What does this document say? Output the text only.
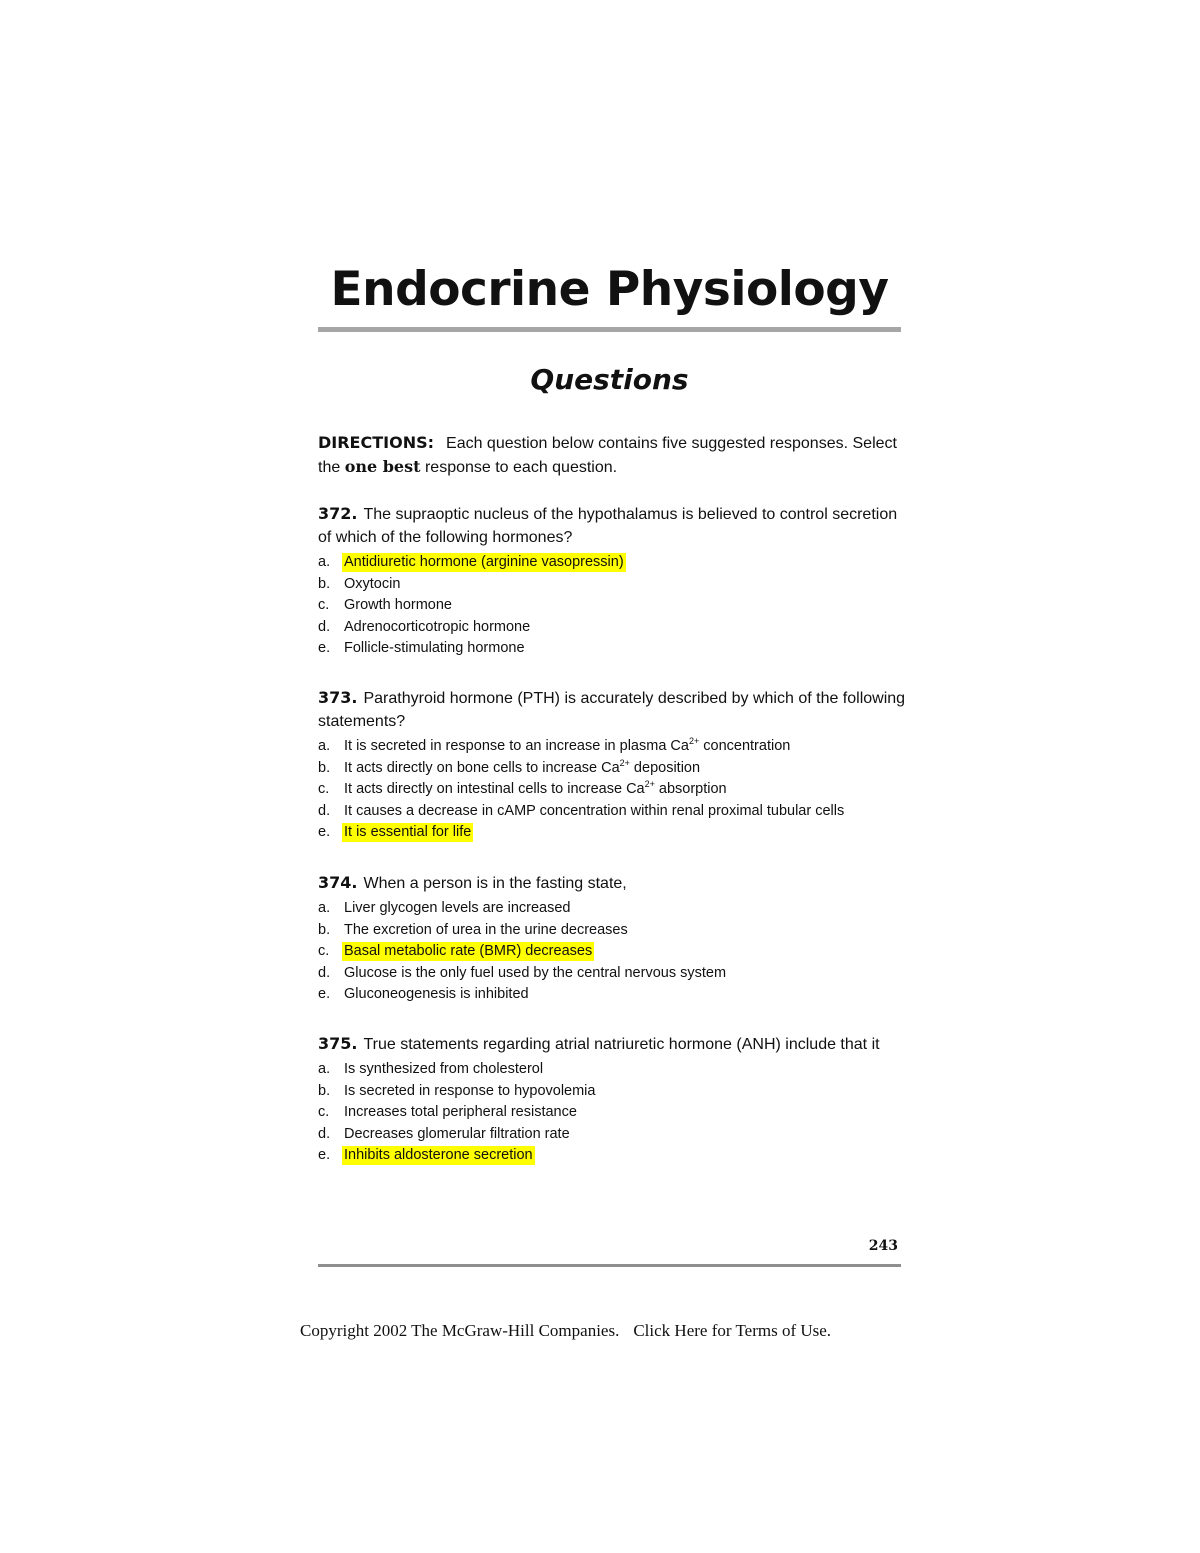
Endocrine Physiology
Questions
DIRECTIONS: Each question below contains five suggested responses. Select the one best response to each question.

372. The supraoptic nucleus of the hypothalamus is believed to control secretion of which of the following hormones?

a. Antidiuretic hormone (arginine vasopressin)
b. Oxytocin
c. Growth hormone
d. Adrenocorticotropic hormone
e. Follicle-stimulating hormone

373. Parathyroid hormone (PTH) is accurately described by which of the following statements?

a. It is secreted in response to an increase in plasma $Ca^{2+}$ concentration
b. It acts directly on bone cells to increase $Ca^{2+}$ deposition
c. It acts directly on intestinal cells to increase $Ca^{2+}$ absorption
d. It causes a decrease in cAMP concentration within renal proximal tubular cells
e. It is essential for life

374. When a person is in the fasting state,

a. Liver glycogen levels are increased
b. The excretion of urea in the urine decreases
c. Basal metabolic rate (BMR) decreases
d. Glucose is the only fuel used by the central nervous system
e. Gluconeogenesis is inhibited

375. True statements regarding atrial natriuretic hormone (ANH) include that it

a. Is synthesized from cholesterol
b. Is secreted in response to hypovolemia
c. Increases total peripheral resistance
d. Decreases glomerular filtration rate
e. Inhibits aldosterone secretion
243
Copyright 2002 The McGraw-Hill Companies. Click Here for Terms of Use.
